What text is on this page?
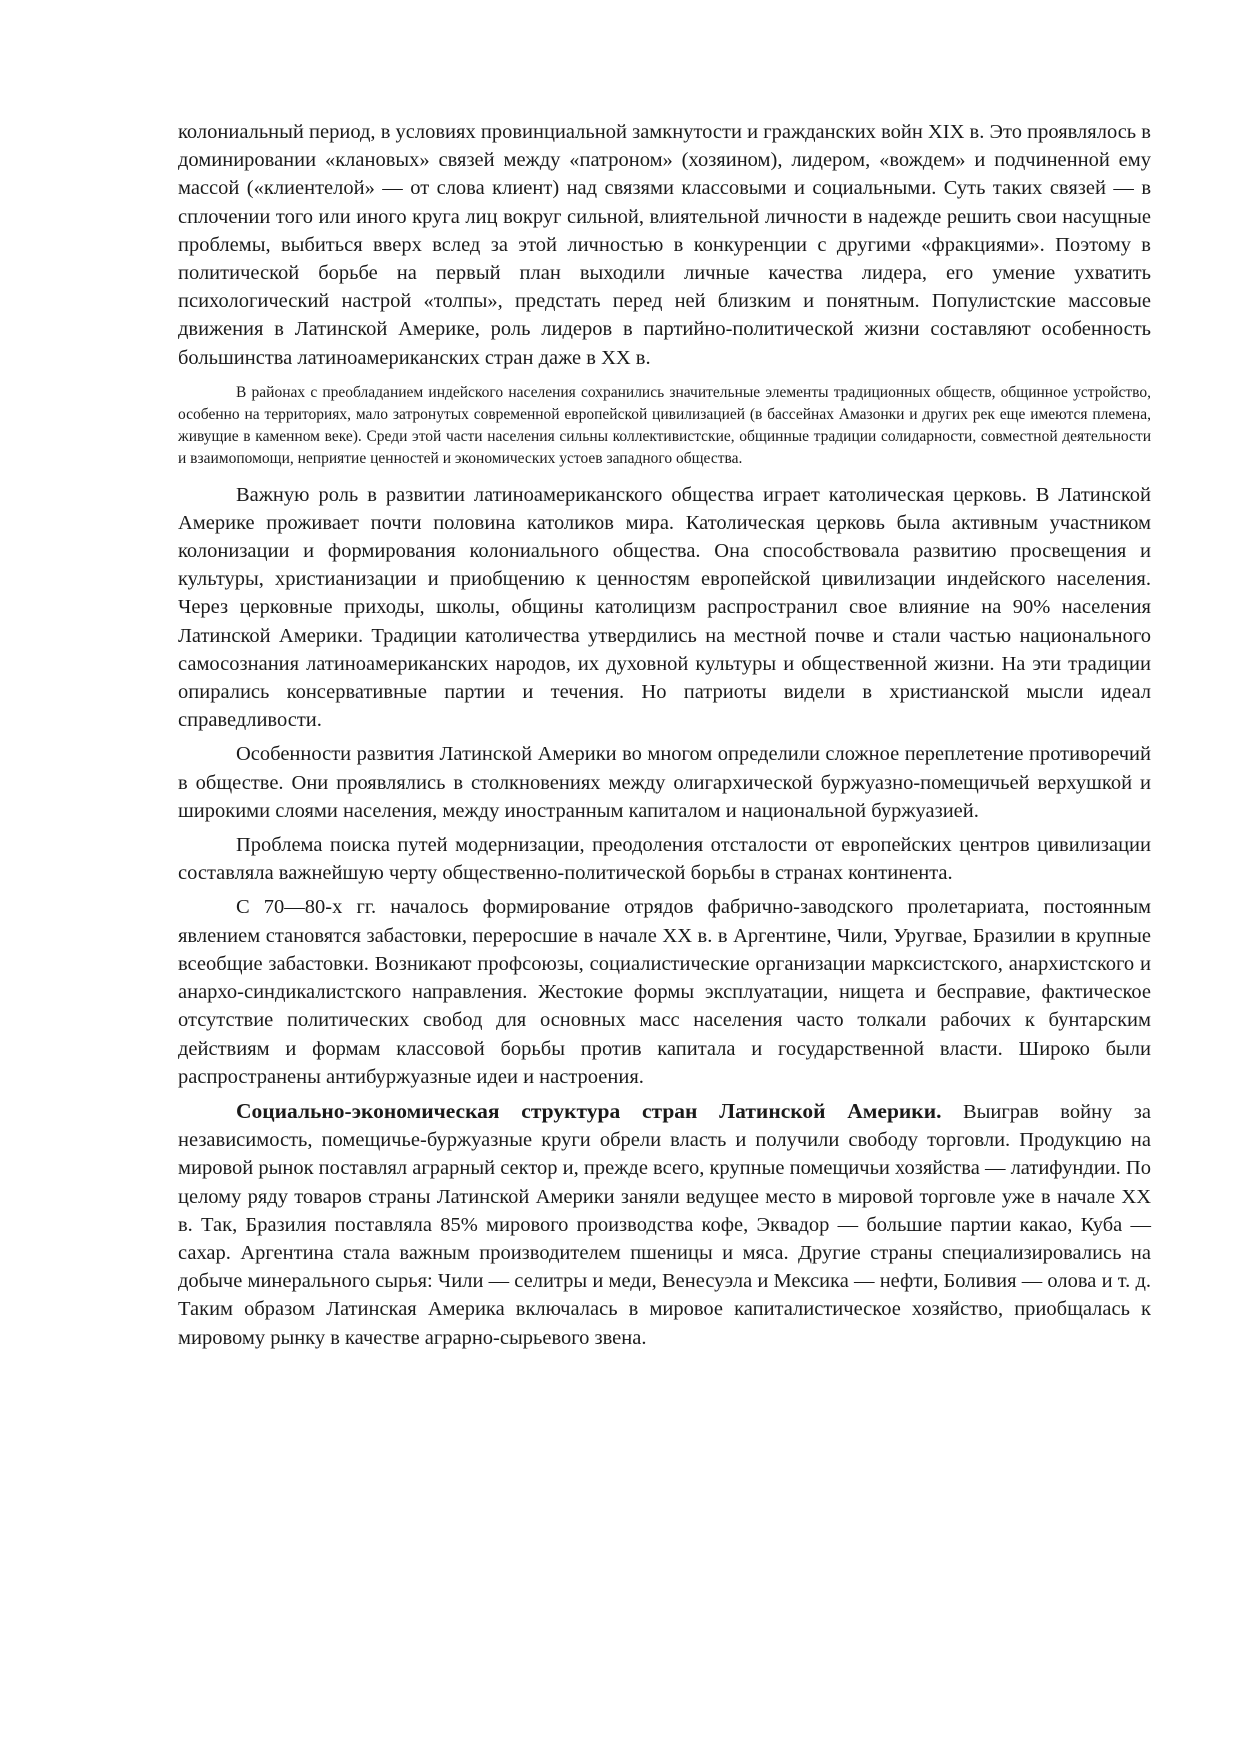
колониальный период, в условиях провинциальной замкнутости и гражданских войн XIX в. Это проявлялось в доминировании «клановых» связей между «патроном» (хозяином), лидером, «вождем» и подчиненной ему массой («клиентелой» — от слова клиент) над связями классовыми и социальными. Суть таких связей — в сплочении того или иного круга лиц вокруг сильной, влиятельной личности в надежде решить свои насущные проблемы, выбиться вверх вслед за этой личностью в конкуренции с другими «фракциями». Поэтому в политической борьбе на первый план выходили личные качества лидера, его умение ухватить психологический настрой «толпы», предстать перед ней близким и понятным. Популистские массовые движения в Латинской Америке, роль лидеров в партийно-политической жизни составляют особенность большинства латиноамериканских стран даже в XX в.

В районах с преобладанием индейского населения сохранились значительные элементы традиционных обществ, общинное устройство, особенно на территориях, мало затронутых современной европейской цивилизацией (в бассейнах Амазонки и других рек еще имеются племена, живущие в каменном веке). Среди этой части населения сильны коллективистские, общинные традиции солидарности, совместной деятельности и взаимопомощи, неприятие ценностей и экономических устоев западного общества.

Важную роль в развитии латиноамериканского общества играет католическая церковь. В Латинской Америке проживает почти половина католиков мира. Католическая церковь была активным участником колонизации и формирования колониального общества. Она способствовала развитию просвещения и культуры, христианизации и приобщению к ценностям европейской цивилизации индейского населения. Через церковные приходы, школы, общины католицизм распространил свое влияние на 90% населения Латинской Америки. Традиции католичества утвердились на местной почве и стали частью национального самосознания латиноамериканских народов, их духовной культуры и общественной жизни. На эти традиции опирались консервативные партии и течения. Но патриоты видели в христианской мысли идеал справедливости.

Особенности развития Латинской Америки во многом определили сложное переплетение противоречий в обществе. Они проявлялись в столкновениях между олигархической буржуазно-помещичьей верхушкой и широкими слоями населения, между иностранным капиталом и национальной буржуазией.

Проблема поиска путей модернизации, преодоления отсталости от европейских центров цивилизации составляла важнейшую черту общественно-политической борьбы в странах континента.

С 70—80-х гг. началось формирование отрядов фабрично-заводского пролетариата, постоянным явлением становятся забастовки, переросшие в начале XX в. в Аргентине, Чили, Уругвае, Бразилии в крупные всеобщие забастовки. Возникают профсоюзы, социалистические организации марксистского, анархистского и анархо-синдикалистского направления. Жестокие формы эксплуатации, нищета и бесправие, фактическое отсутствие политических свобод для основных масс населения часто толкали рабочих к бунтарским действиям и формам классовой борьбы против капитала и государственной власти. Широко были распространены антибуржуазные идеи и настроения.

Социально-экономическая структура стран Латинской Америки. Выиграв войну за независимость, помещичье-буржуазные круги обрели власть и получили свободу торговли. Продукцию на мировой рынок поставлял аграрный сектор и, прежде всего, крупные помещичьи хозяйства — латифундии. По целому ряду товаров страны Латинской Америки заняли ведущее место в мировой торговле уже в начале XX в. Так, Бразилия поставляла 85% мирового производства кофе, Эквадор — большие партии какао, Куба — сахар. Аргентина стала важным производителем пшеницы и мяса. Другие страны специализировались на добыче минерального сырья: Чили — селитры и меди, Венесуэла и Мексика — нефти, Боливия — олова и т. д. Таким образом Латинская Америка включалась в мировое капиталистическое хозяйство, приобщалась к мировому рынку в качестве аграрно-сырьевого звена.
